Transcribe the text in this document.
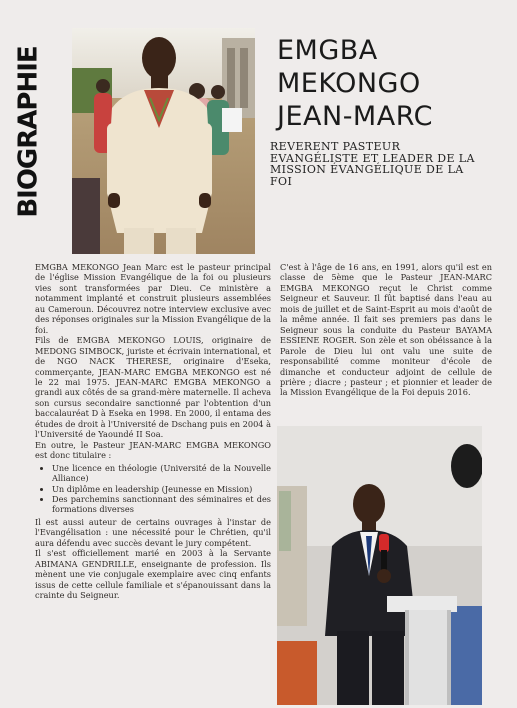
BIOGRAPHIE	EMGBA
MEKONGO
JEAN-MARC
REVERENT PASTEUR EVANGÉLISTE ET LEADER DE LA MISSION ÉVANGÉLIQUE DE LA FOI

EMGBA MEKONGO Jean Marc est le pasteur principal de l'église Mission Evangélique de la foi ou plusieurs vies sont transformées par Dieu. Ce ministère a notamment implanté et construit plusieurs assemblées au Cameroun. Découvrez notre interview exclusive avec des réponses originales sur la Mission Evangélique de la foi.

Fils de EMGBA MEKONGO LOUIS, originaire de MEDONG SIMBOCK, juriste et écrivain international, et de NGO NACK THERESE, originaire d'Eseka, commerçante, JEAN-MARC EMGBA MEKONGO est né le 22 mai 1975. JEAN-MARC EMGBA MEKONGO a grandi aux côtés de sa grand-mère maternelle. Il acheva son cursus secondaire sanctionné par l'obtention d'un baccalauréat D à Eseka en 1998. En 2000, il entama des études de droit à l'Université de Dschang puis en 2004 à l'Université de Yaoundé II Soa.

En outre, le Pasteur JEAN-MARC EMGBA MEKONGO est donc titulaire :

• Une licence en théologie (Université de la Nouvelle Alliance)
• Un diplôme en leadership (Jeunesse en Mission)
• Des parchemins sanctionnant des séminaires et des formations diverses

Il est aussi auteur de certains ouvrages à l'instar de l'Evangélisation : une nécessité pour le Chrétien, qu'il aura défendu avec succès devant le jury compétent.

Il s'est officiellement marié en 2003 à la Servante ABIMANA GENDRILLE, enseignante de profession. Ils mènent une vie conjugale exemplaire avec cinq enfants issus de cette cellule familiale et s'épanouissant dans la crainte du Seigneur.

C'est à l'âge de 16 ans, en 1991, alors qu'il est en classe de 5ème que le Pasteur JEAN-MARC EMGBA MEKONGO reçut le Christ comme Seigneur et Sauveur. Il fût baptisé dans l'eau au mois de juillet et de Saint-Esprit au mois d'août de la même année. Il fait ses premiers pas dans le Seigneur sous la conduite du Pasteur BAYAMA ESSIENE ROGER. Son zèle et son obéissance à la Parole de Dieu lui ont valu une suite de responsabilité comme moniteur d'école de dimanche et conducteur adjoint de cellule de prière ; diacre ; pasteur ; et pionnier et leader de la Mission Evangélique de la Foi depuis 2016.
